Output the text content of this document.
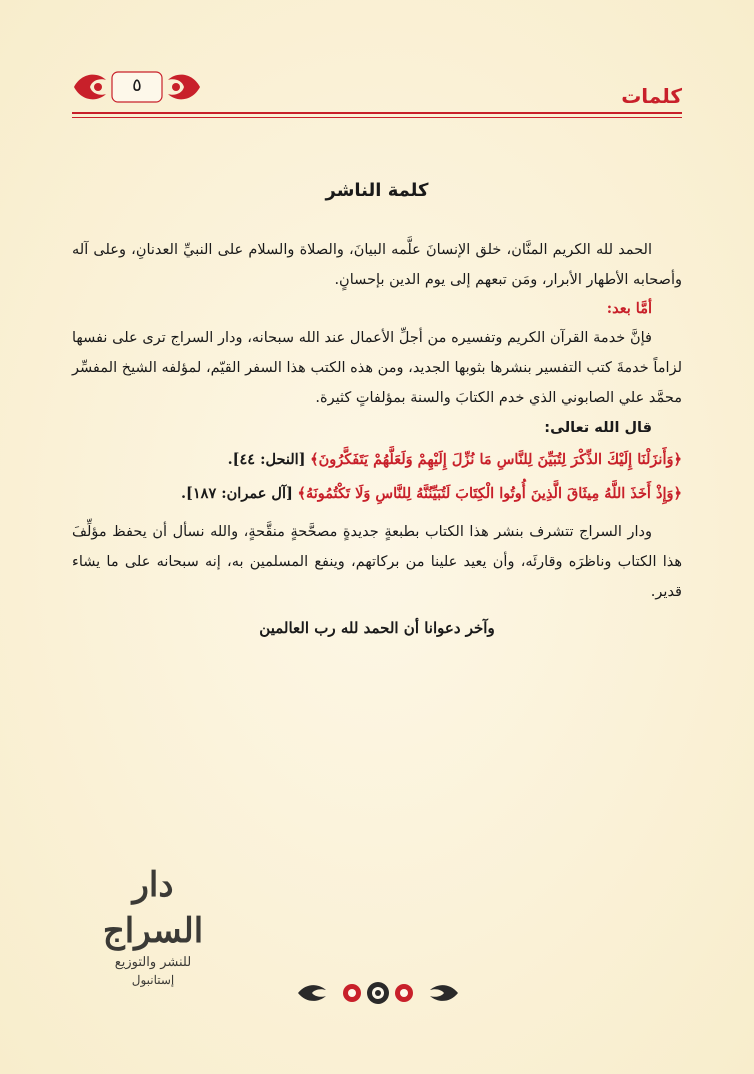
٥	كلمات
كلمة الناشر

الحمد لله الكريم المنَّان، خلق الإنسانَ علَّمه البيانَ، والصلاة والسلام على النبيِّ العدنانِ، وعلى آله وأصحابه الأطهار الأبرار، ومَن تبعهم إلى يوم الدين بإحسانٍ.

أمَّا بعد:

فإنَّ خدمة القرآن الكريم وتفسيره من أجلِّ الأعمال عند الله سبحانه، ودار السراج ترى على نفسها لزاماً خدمةَ كتب التفسير بنشرها بثوبها الجديد، ومن هذه الكتب هذا السفر القيّم، لمؤلفه الشيخ المفسِّر محمَّد علي الصابوني الذي خدم الكتابَ والسنة بمؤلفاتٍ كثيرة.

قال الله تعالى:
﴿وَأَنزَلْنَا إِلَيْكَ الذِّكْرَ لِتُبَيِّنَ لِلنَّاسِ مَا نُزِّلَ إِلَيْهِمْ وَلَعَلَّهُمْ يَتَفَكَّرُونَ﴾ [النحل: ٤٤].
﴿وَإِذْ أَخَذَ اللَّهُ مِيثَاقَ الَّذِينَ أُوتُوا الْكِتَابَ لَتُبَيِّنُنَّهُ لِلنَّاسِ وَلَا تَكْتُمُونَهُ﴾ [آل عمران: ١٨٧].

ودار السراج تتشرف بنشر هذا الكتاب بطبعةٍ جديدةٍ مصحَّحةٍ منقَّحةٍ، والله نسأل أن يحفظ مؤلِّفَ هذا الكتاب وناظرَه وقارئَه، وأن يعيد علينا من بركاتهم، وينفع المسلمين به، إنه سبحانه على ما يشاء قدير.

وآخر دعوانا أن الحمد لله رب العالمين
دار السراج
للنشر والتوزيع
إستانبول
